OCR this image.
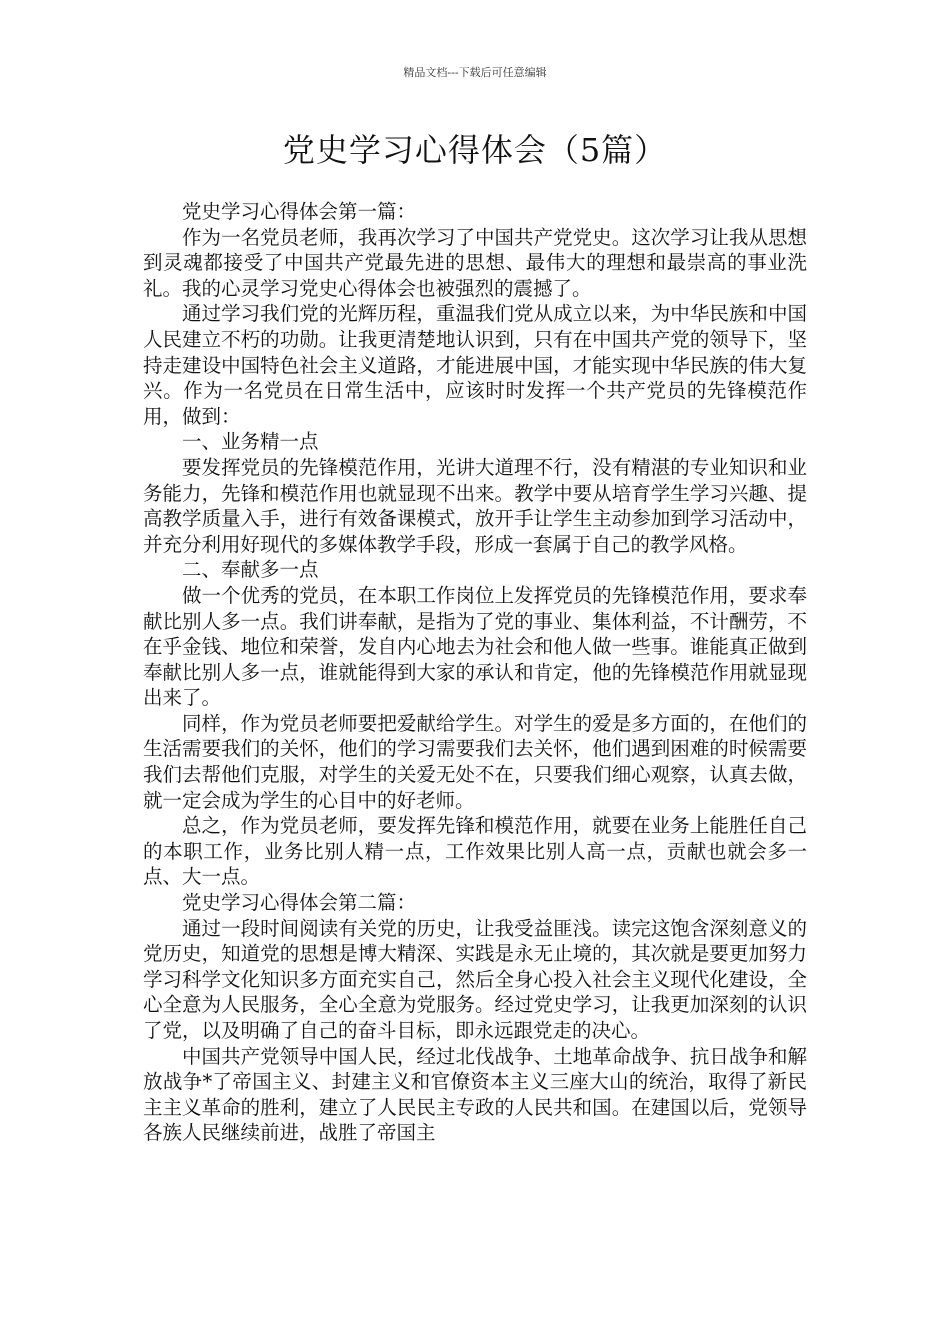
精品文档---下载后可任意编辑
党史学习心得体会（5篇）

党史学习心得体会第一篇：

作为一名党员老师，我再次学习了中国共产党党史。这次学习让我从思想到灵魂都接受了中国共产党最先进的思想、最伟大的理想和最崇高的事业洗礼。我的心灵学习党史心得体会也被强烈的震撼了。

通过学习我们党的光辉历程，重温我们党从成立以来，为中华民族和中国人民建立不朽的功勋。让我更清楚地认识到，只有在中国共产党的领导下，坚持走建设中国特色社会主义道路，才能进展中国，才能实现中华民族的伟大复兴。作为一名党员在日常生活中，应该时时发挥一个共产党员的先锋模范作用，做到：

一、业务精一点

要发挥党员的先锋模范作用，光讲大道理不行，没有精湛的专业知识和业务能力，先锋和模范作用也就显现不出来。教学中要从培育学生学习兴趣、提高教学质量入手，进行有效备课模式，放开手让学生主动参加到学习活动中，并充分利用好现代的多媒体教学手段，形成一套属于自己的教学风格。

二、奉献多一点

做一个优秀的党员，在本职工作岗位上发挥党员的先锋模范作用，要求奉献比别人多一点。我们讲奉献，是指为了党的事业、集体利益，不计酬劳，不在乎金钱、地位和荣誉，发自内心地去为社会和他人做一些事。谁能真正做到奉献比别人多一点，谁就能得到大家的承认和肯定，他的先锋模范作用就显现出来了。

同样，作为党员老师要把爱献给学生。对学生的爱是多方面的，在他们的生活需要我们的关怀，他们的学习需要我们去关怀，他们遇到困难的时候需要我们去帮他们克服，对学生的关爱无处不在，只要我们细心观察，认真去做，就一定会成为学生的心目中的好老师。

总之，作为党员老师，要发挥先锋和模范作用，就要在业务上能胜任自己的本职工作，业务比别人精一点，工作效果比别人高一点，贡献也就会多一点、大一点。

党史学习心得体会第二篇：

通过一段时间阅读有关党的历史，让我受益匪浅。读完这饱含深刻意义的党历史，知道党的思想是博大精深、实践是永无止境的，其次就是要更加努力学习科学文化知识多方面充实自己，然后全身心投入社会主义现代化建设，全心全意为人民服务，全心全意为党服务。经过党史学习，让我更加深刻的认识了党，以及明确了自己的奋斗目标，即永远跟党走的决心。

中国共产党领导中国人民，经过北伐战争、土地革命战争、抗日战争和解放战争*了帝国主义、封建主义和官僚资本主义三座大山的统治，取得了新民主主义革命的胜利，建立了人民民主专政的人民共和国。在建国以后，党领导各族人民继续前进，战胜了帝国主
